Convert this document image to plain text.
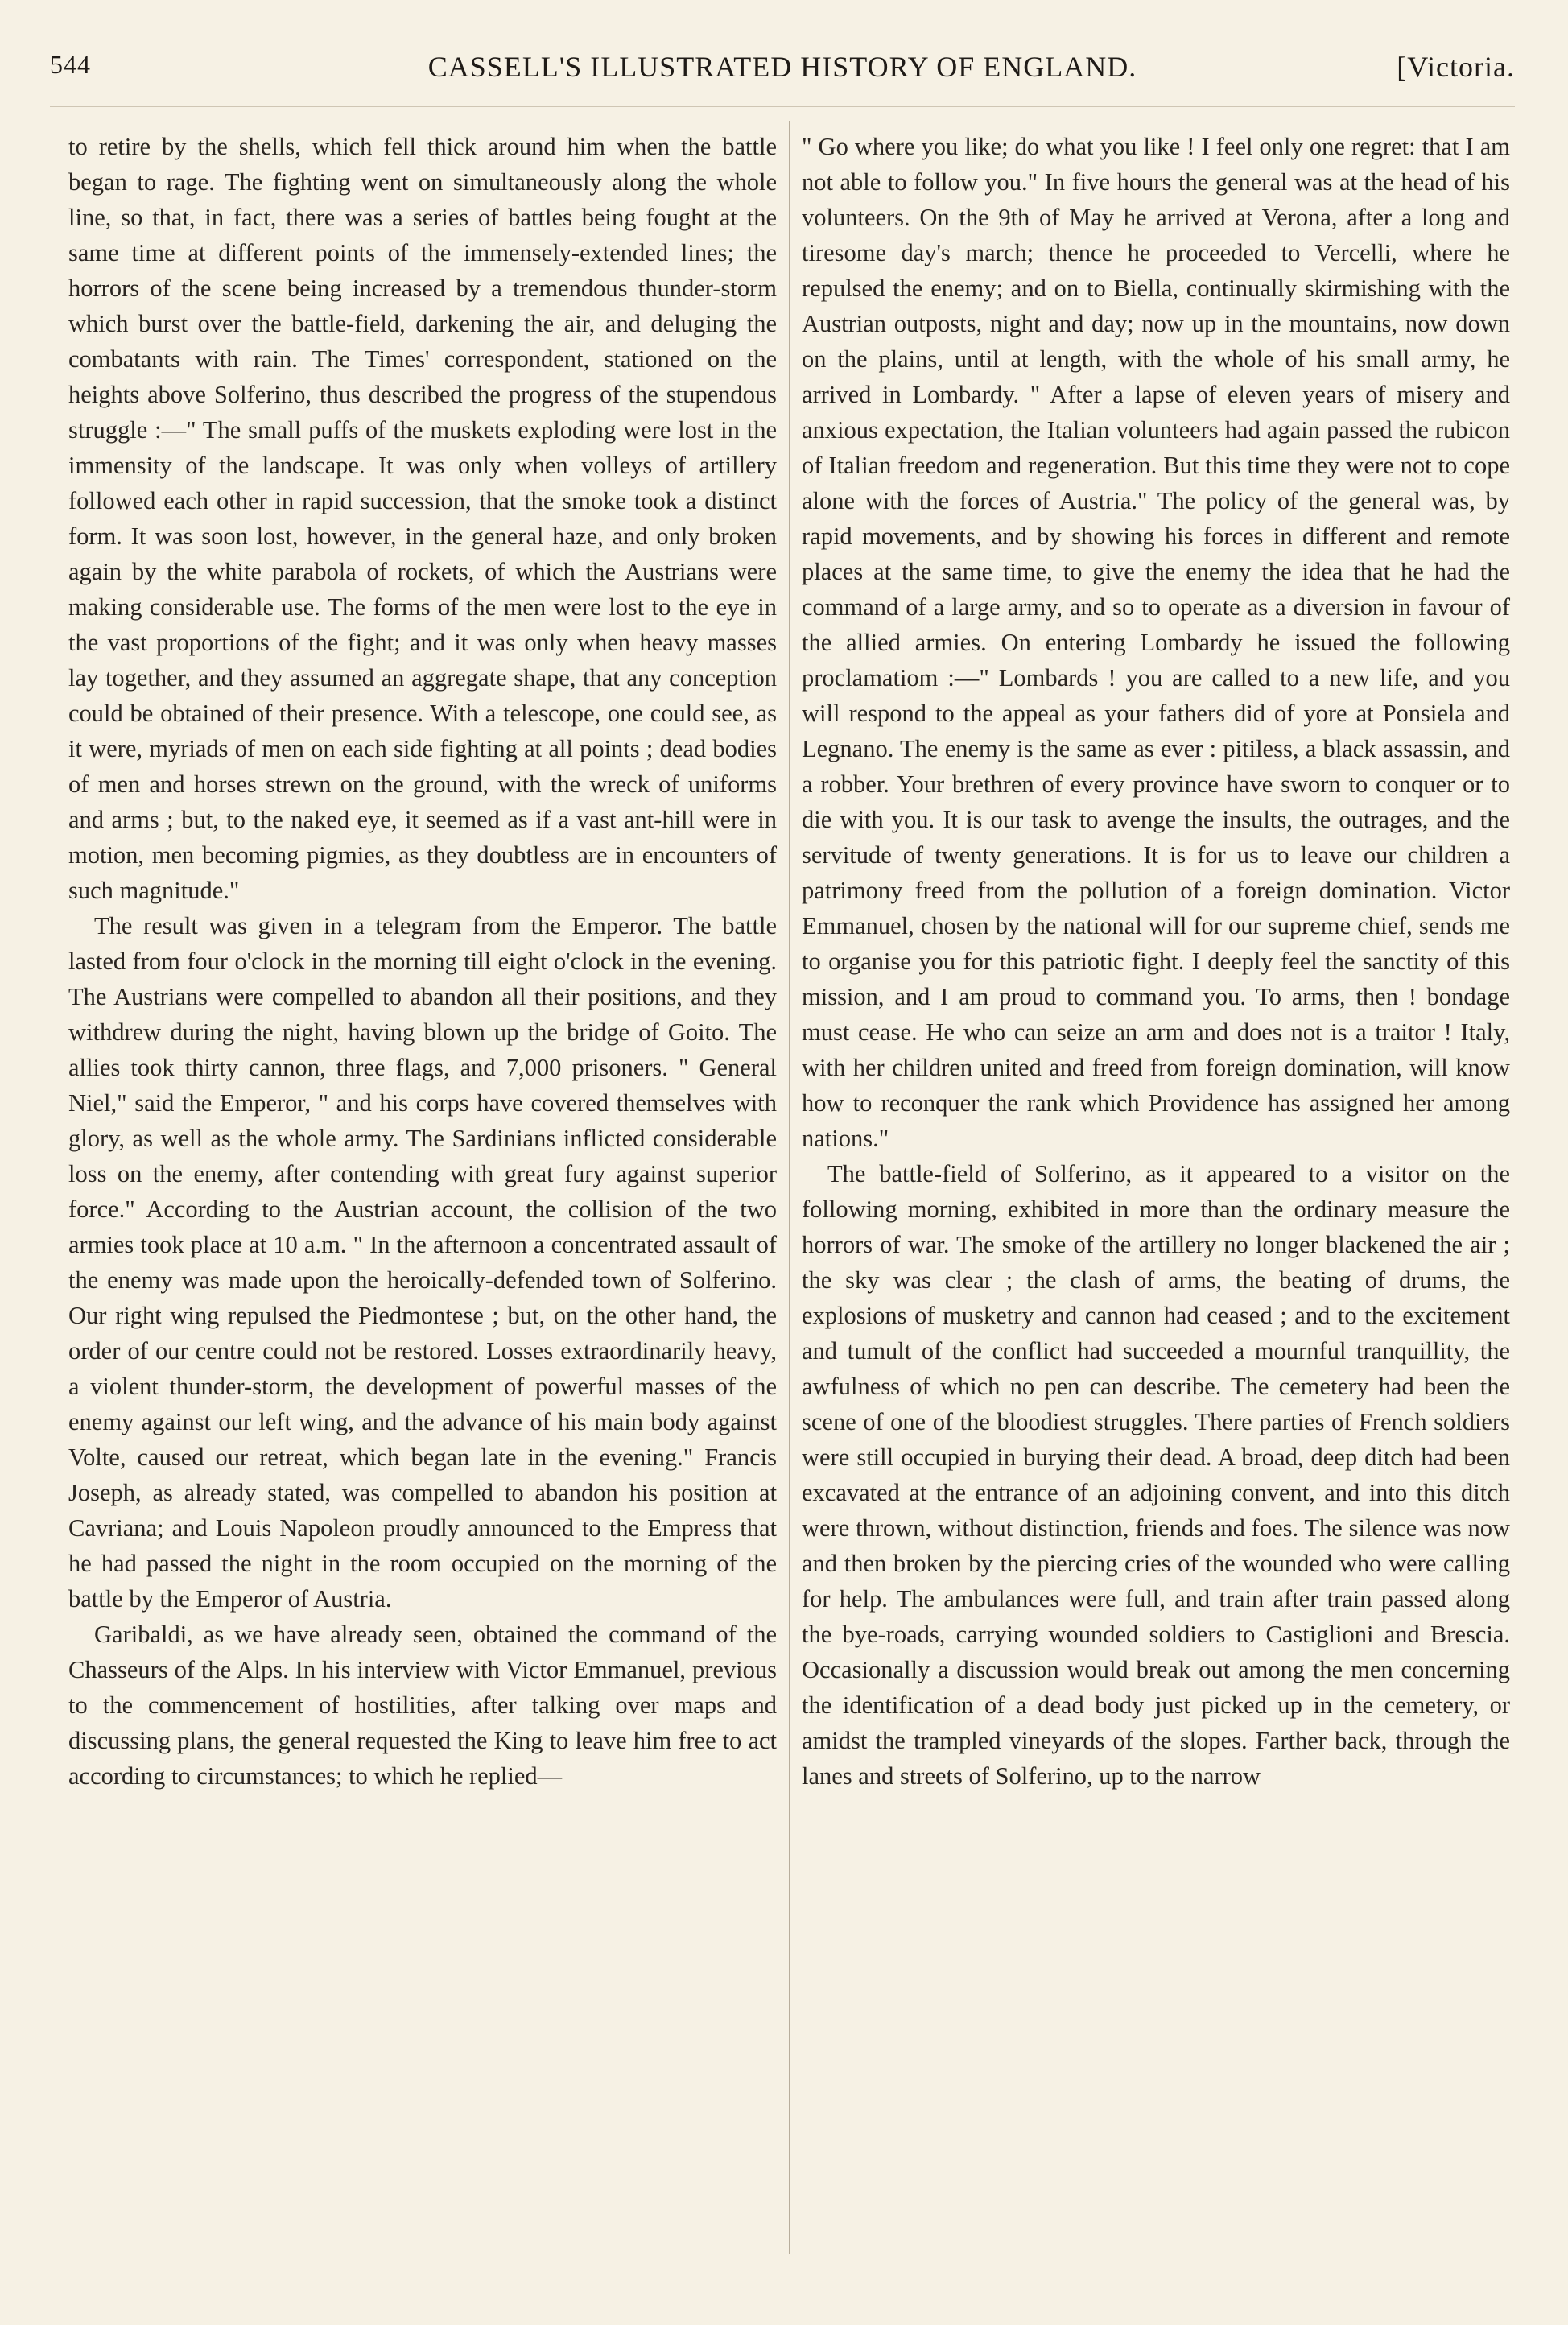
544	CASSELL'S ILLUSTRATED HISTORY OF ENGLAND.	[Victoria.

to retire by the shells, which fell thick around him when the battle began to rage. The fighting went on simultaneously along the whole line, so that, in fact, there was a series of battles being fought at the same time at different points of the immensely-extended lines; the horrors of the scene being increased by a tremendous thunder-storm which burst over the battle-field, darkening the air, and deluging the combatants with rain. The Times' correspondent, stationed on the heights above Solferino, thus described the progress of the stupendous struggle :—" The small puffs of the muskets exploding were lost in the immensity of the landscape. It was only when volleys of artillery followed each other in rapid succession, that the smoke took a distinct form. It was soon lost, however, in the general haze, and only broken again by the white parabola of rockets, of which the Austrians were making considerable use. The forms of the men were lost to the eye in the vast proportions of the fight; and it was only when heavy masses lay together, and they assumed an aggregate shape, that any conception could be obtained of their presence. With a telescope, one could see, as it were, myriads of men on each side fighting at all points ; dead bodies of men and horses strewn on the ground, with the wreck of uniforms and arms ; but, to the naked eye, it seemed as if a vast ant-hill were in motion, men becoming pigmies, as they doubtless are in encounters of such magnitude."

The result was given in a telegram from the Emperor. The battle lasted from four o'clock in the morning till eight o'clock in the evening. The Austrians were compelled to abandon all their positions, and they withdrew during the night, having blown up the bridge of Goito. The allies took thirty cannon, three flags, and 7,000 prisoners. " General Niel," said the Emperor, " and his corps have covered themselves with glory, as well as the whole army. The Sardinians inflicted considerable loss on the enemy, after contending with great fury against superior force." According to the Austrian account, the collision of the two armies took place at 10 a.m. " In the afternoon a concentrated assault of the enemy was made upon the heroically-defended town of Solferino. Our right wing repulsed the Piedmontese ; but, on the other hand, the order of our centre could not be restored. Losses extraordinarily heavy, a violent thunder-storm, the development of powerful masses of the enemy against our left wing, and the advance of his main body against Volte, caused our retreat, which began late in the evening." Francis Joseph, as already stated, was compelled to abandon his position at Cavriana; and Louis Napoleon proudly announced to the Empress that he had passed the night in the room occupied on the morning of the battle by the Emperor of Austria.

Garibaldi, as we have already seen, obtained the command of the Chasseurs of the Alps. In his interview with Victor Emmanuel, previous to the commencement of hostilities, after talking over maps and discussing plans, the general requested the King to leave him free to act according to circumstances; to which he replied—

" Go where you like; do what you like ! I feel only one regret: that I am not able to follow you." In five hours the general was at the head of his volunteers. On the 9th of May he arrived at Verona, after a long and tiresome day's march; thence he proceeded to Vercelli, where he repulsed the enemy; and on to Biella, continually skirmishing with the Austrian outposts, night and day; now up in the mountains, now down on the plains, until at length, with the whole of his small army, he arrived in Lombardy. " After a lapse of eleven years of misery and anxious expectation, the Italian volunteers had again passed the rubicon of Italian freedom and regeneration. But this time they were not to cope alone with the forces of Austria." The policy of the general was, by rapid movements, and by showing his forces in different and remote places at the same time, to give the enemy the idea that he had the command of a large army, and so to operate as a diversion in favour of the allied armies. On entering Lombardy he issued the following proclamatiom :—" Lombards ! you are called to a new life, and you will respond to the appeal as your fathers did of yore at Ponsiela and Legnano. The enemy is the same as ever : pitiless, a black assassin, and a robber. Your brethren of every province have sworn to conquer or to die with you. It is our task to avenge the insults, the outrages, and the servitude of twenty generations. It is for us to leave our children a patrimony freed from the pollution of a foreign domination. Victor Emmanuel, chosen by the national will for our supreme chief, sends me to organise you for this patriotic fight. I deeply feel the sanctity of this mission, and I am proud to command you. To arms, then ! bondage must cease. He who can seize an arm and does not is a traitor ! Italy, with her children united and freed from foreign domination, will know how to reconquer the rank which Providence has assigned her among nations."

The battle-field of Solferino, as it appeared to a visitor on the following morning, exhibited in more than the ordinary measure the horrors of war. The smoke of the artillery no longer blackened the air ; the sky was clear ; the clash of arms, the beating of drums, the explosions of musketry and cannon had ceased ; and to the excitement and tumult of the conflict had succeeded a mournful tranquillity, the awfulness of which no pen can describe. The cemetery had been the scene of one of the bloodiest struggles. There parties of French soldiers were still occupied in burying their dead. A broad, deep ditch had been excavated at the entrance of an adjoining convent, and into this ditch were thrown, without distinction, friends and foes. The silence was now and then broken by the piercing cries of the wounded who were calling for help. The ambulances were full, and train after train passed along the bye-roads, carrying wounded soldiers to Castiglioni and Brescia. Occasionally a discussion would break out among the men concerning the identification of a dead body just picked up in the cemetery, or amidst the trampled vineyards of the slopes. Farther back, through the lanes and streets of Solferino, up to the narrow
